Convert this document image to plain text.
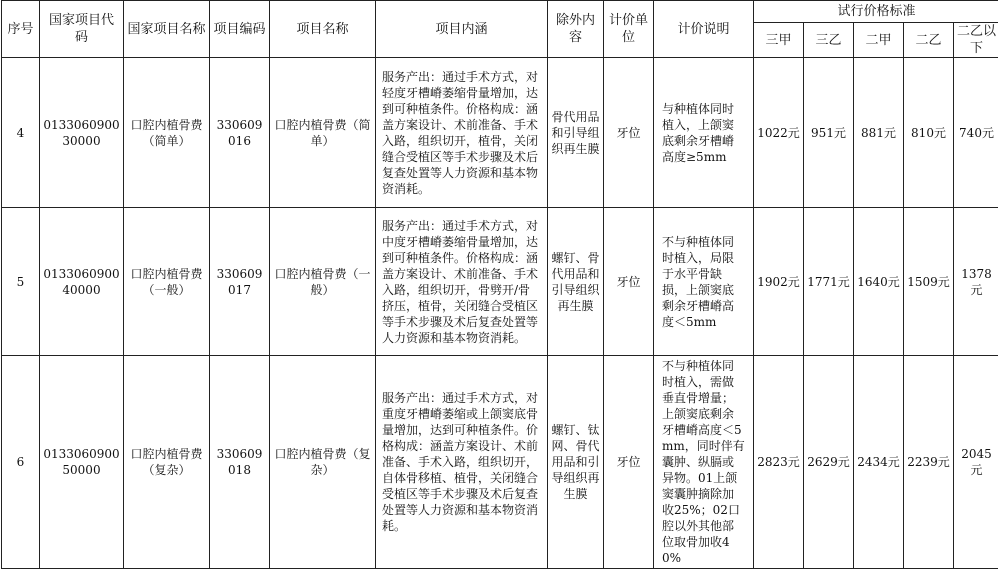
序号	国家项目代码	国家项目名称	项目编码	项目名称	项目内涵	除外内容	计价单位	计价说明	试行价格标准				
									三甲	三乙	二甲	二乙	二乙以下
4	013306090030000	口腔内植骨费（简单）	330609016	口腔内植骨费（简单）	服务产出：通过手术方式，对轻度牙槽嵴萎缩骨量增加，达到可种植条件。价格构成：涵盖方案设计、术前准备、手术入路，组织切开，植骨，关闭缝合受植区等手术步骤及术后复查处置等人力资源和基本物资消耗。	骨代用品和引导组织再生膜	牙位	与种植体同时植入，上颌窦底剩余牙槽嵴高度≥5mm	1022元	951元	881元	810元	740元
5	013306090040000	口腔内植骨费（一般）	330609017	口腔内植骨费（一般）	服务产出：通过手术方式，对中度牙槽嵴萎缩骨量增加，达到可种植条件。价格构成：涵盖方案设计、术前准备、手术入路，组织切开，骨劈开/骨挤压，植骨，关闭缝合受植区等手术步骤及术后复查处置等人力资源和基本物资消耗。	螺钉、骨代用品和引导组织再生膜	牙位	不与种植体同时植入，局限于水平骨缺损，上颌窦底剩余牙槽嵴高度＜5mm	1902元	1771元	1640元	1509元	1378元
6	013306090050000	口腔内植骨费（复杂）	330609018	口腔内植骨费（复杂）	服务产出：通过手术方式，对重度牙槽嵴萎缩或上颌窦底骨量增加，达到可种植条件。价格构成：涵盖方案设计、术前准备、手术入路，组织切开，自体骨移植、植骨，关闭缝合受植区等手术步骤及术后复查处置等人力资源和基本物资消耗。	螺钉、钛网、骨代用品和引导组织再生膜	牙位	不与种植体同时植入，需做垂直骨增量；上颌窦底剩余牙槽嵴高度＜5mm，同时伴有囊肿、纵膈或异物。01上颌窦囊肿摘除加收25%；02口腔以外其他部位取骨加收40%	2823元	2629元	2434元	2239元	2045元
